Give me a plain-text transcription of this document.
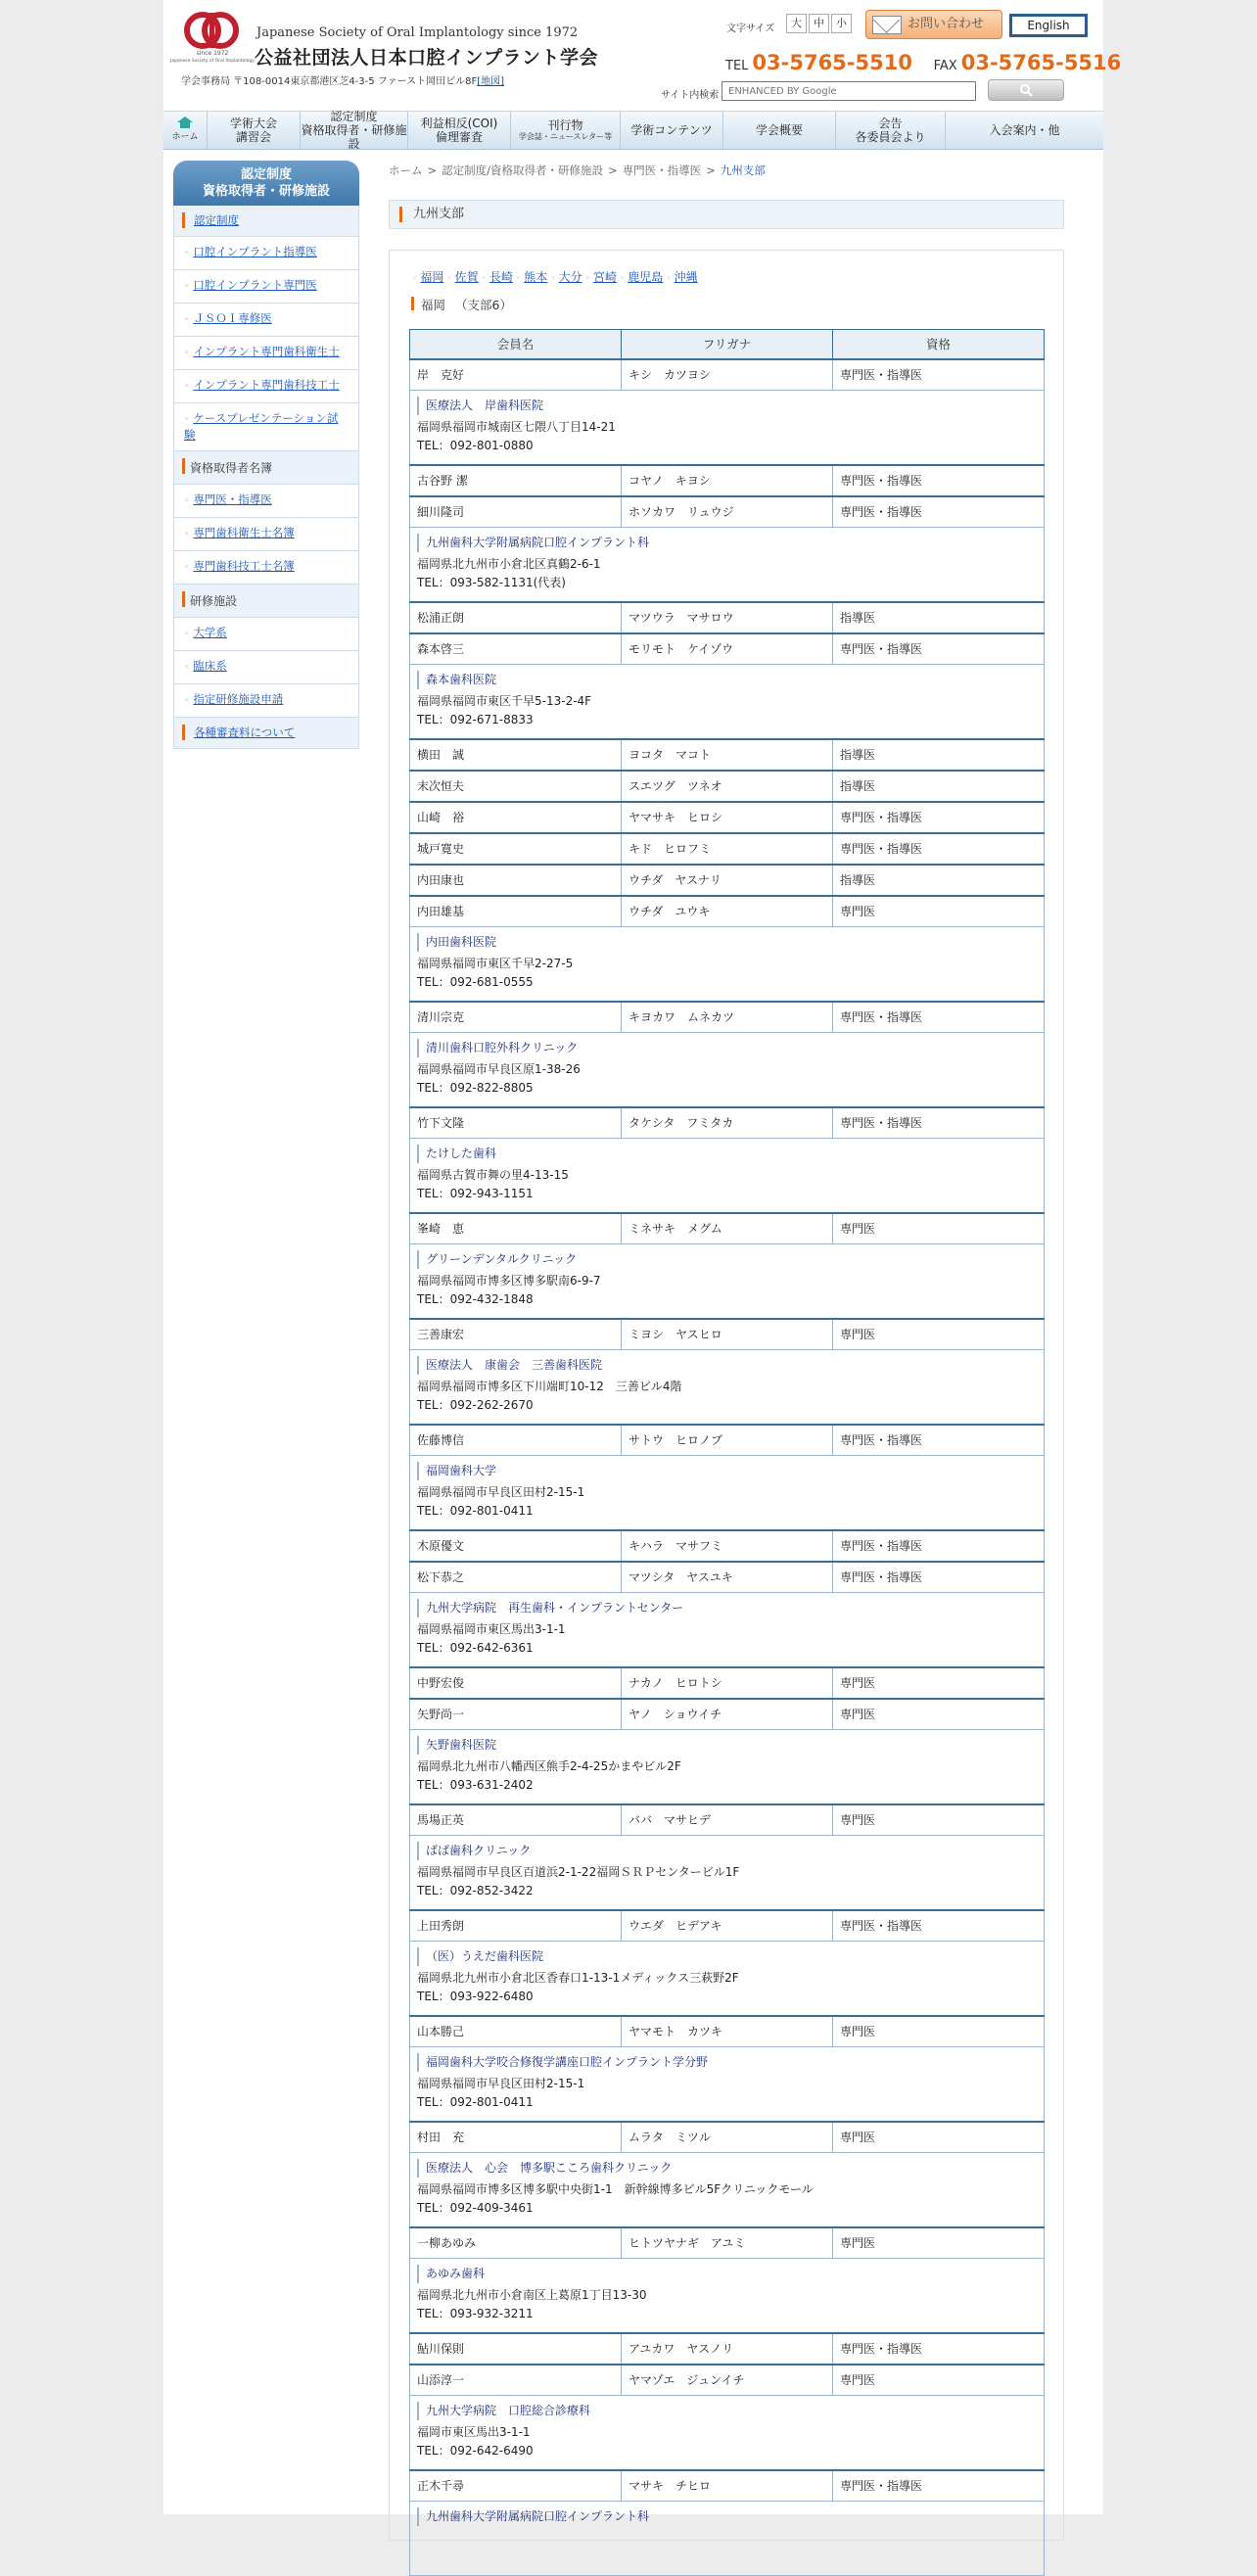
since 1972
Japanese Society of Oral Implantology
Japanese Society of Oral Implantology since 1972
公益社団法人日本口腔インプラント学会
学会事務局 〒108-0014東京都港区芝4-3-5 ファースト岡田ビル8F[地図]
文字サイズ	大	中	小	お問い合わせ	English
TEL 03-5765-5510 FAX 03-5765-5516
サイト内検索
ENHANCED BY Google
ホーム
学術大会
講習会
認定制度
資格取得者・研修施設
利益相反(COI)
倫理審査
刊行物
学会誌・ニュースレター等 学術コンテンツ	学会概要	会告
各委員会より	入会案内・他
認定制度
資格取得者・研修施設
認定制度
◦ 口腔インプラント指導医
◦ 口腔インプラント専門医
◦ ＪＳＯＩ専修医
◦ インプラント専門歯科衛生士
◦ インプラント専門歯科技工士
◦ ケースプレゼンテーション試験
資格取得者名簿
◦ 専門医・指導医
◦ 専門歯科衛生士名簿
◦ 専門歯科技工士名簿
研修施設
◦ 大学系
◦ 臨床系
◦ 指定研修施設申請
各種審査料について
ホーム > 認定制度/資格取得者・研修施設 > 専門医・指導医 > 九州支部
九州支部
◦ 福岡 ◦ 佐賀 ◦ 長崎 ◦ 熊本 ◦ 大分 ◦ 宮崎 ◦ 鹿児島 ◦ 沖縄
福岡 （支部6）
会員名	フリガナ	資格
岸　克好	キシ　カツヨシ	専門医・指導医

医療法人　岸歯科医院
福岡県福岡市城南区七隈八丁目14-21
TEL：092-801-0880		

古谷野 潔	コヤノ　キヨシ	専門医・指導医
細川隆司	ホソカワ　リュウジ	専門医・指導医

九州歯科大学附属病院口腔インプラント科
福岡県北九州市小倉北区真鶴2-6-1
TEL：093-582-1131(代表)		

松浦正朗	マツウラ　マサロウ	指導医
森本啓三	モリモト　ケイゾウ	専門医・指導医

森本歯科医院
福岡県福岡市東区千早5-13-2-4F
TEL：092-671-8833		

横田　誠	ヨコタ　マコト	指導医
末次恒夫	スエツグ　ツネオ	指導医
山崎　裕	ヤマサキ　ヒロシ	専門医・指導医
城戸寛史	キド　ヒロフミ	専門医・指導医
内田康也	ウチダ　ヤスナリ	指導医
内田雄基	ウチダ　ユウキ	専門医

内田歯科医院
福岡県福岡市東区千早2-27-5
TEL：092-681-0555		

清川宗克	キヨカワ　ムネカツ	専門医・指導医

清川歯科口腔外科クリニック
福岡県福岡市早良区原1-38-26
TEL：092-822-8805		

竹下文隆	タケシタ　フミタカ	専門医・指導医

たけした歯科
福岡県古賀市舞の里4-13-15
TEL：092-943-1151		

峯崎　恵	ミネサキ　メグム	専門医

グリーンデンタルクリニック
福岡県福岡市博多区博多駅南6-9-7
TEL：092-432-1848		

三善康宏	ミヨシ　ヤスヒロ	専門医

医療法人　康歯会　三善歯科医院
福岡県福岡市博多区下川端町10-12　三善ビル4階
TEL：092-262-2670		

佐藤博信	サトウ　ヒロノブ	専門医・指導医

福岡歯科大学
福岡県福岡市早良区田村2-15-1
TEL：092-801-0411		

木原優文	キハラ　マサフミ	専門医・指導医
松下恭之	マツシタ　ヤスユキ	専門医・指導医

九州大学病院　再生歯科・インプラントセンター
福岡県福岡市東区馬出3-1-1
TEL：092-642-6361		

中野宏俊	ナカノ　ヒロトシ	専門医
矢野尚一	ヤノ　ショウイチ	専門医

矢野歯科医院
福岡県北九州市八幡西区熊手2-4-25かまやビル2F
TEL：093-631-2402		

馬場正英	ババ　マサヒデ	専門医

ばば歯科クリニック
福岡県福岡市早良区百道浜2-1-22福岡ＳＲＰセンタービル1F
TEL：092-852-3422		

上田秀朗	ウエダ　ヒデアキ	専門医・指導医

（医）うえだ歯科医院
福岡県北九州市小倉北区香春口1-13-1メディックス三萩野2F
TEL：093-922-6480		

山本勝己	ヤマモト　カツキ	専門医

福岡歯科大学咬合修復学講座口腔インプラント学分野
福岡県福岡市早良区田村2-15-1
TEL：092-801-0411		

村田　充	ムラタ　ミツル	専門医

医療法人　心会　博多駅こころ歯科クリニック
福岡県福岡市博多区博多駅中央街1-1　新幹線博多ビル5Fクリニックモール
TEL：092-409-3461		

一柳あゆみ	ヒトツヤナギ　アユミ	専門医

あゆみ歯科
福岡県北九州市小倉南区上葛原1丁目13-30
TEL：093-932-3211		

鮎川保則	アユカワ　ヤスノリ	専門医・指導医
山添淳一	ヤマゾエ　ジュンイチ	専門医

九州大学病院　口腔総合診療科
福岡市東区馬出3-1-1
TEL：092-642-6490		

正木千尋	マサキ　チヒロ	専門医・指導医

九州歯科大学附属病院口腔インプラント科		
